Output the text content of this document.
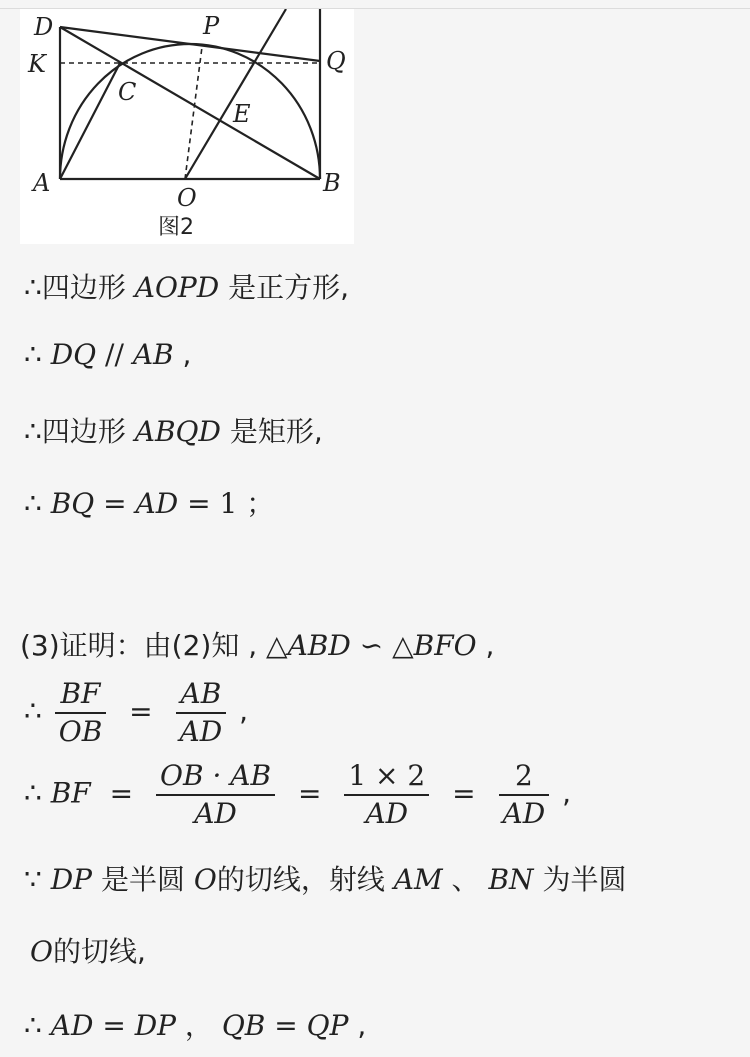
D	P
K	Q
C
E
A
O
B
图2
∴四边形 AOPD 是正方形,
∴ DQ // AB ,
∴四边形 ABQD 是矩形,
∴ BQ = AD = 1 ；
(3)证明：由(2)知 , △ABD ∽ △BFO ,
∴ $\frac{BF}{OB} = \frac{AB}{AD}$ ,
∴ BF = $\frac{OB \cdot AB}{AD} = \frac{1 \times 2}{AD} = \frac{2}{AD}$ ,
∵ DP 是半圆 O的切线，射线 AM 、 BN 为半圆
O的切线,
∴ AD = DP ， QB = QP ,
